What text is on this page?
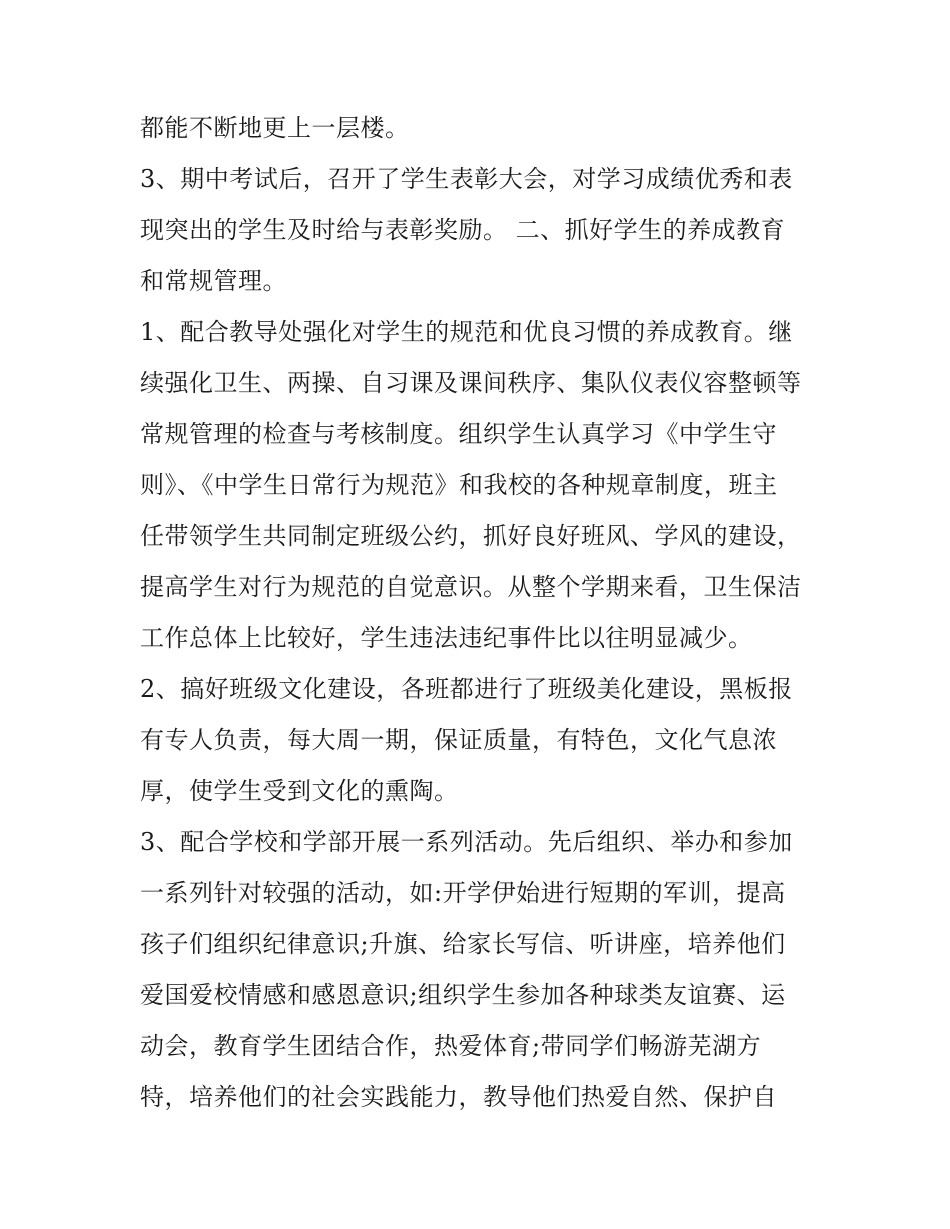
都能不断地更上一层楼。
3、期中考试后，召开了学生表彰大会，对学习成绩优秀和表
现突出的学生及时给与表彰奖励。 二、抓好学生的养成教育
和常规管理。
1、配合教导处强化对学生的规范和优良习惯的养成教育。继
续强化卫生、两操、自习课及课间秩序、集队仪表仪容整顿等
常规管理的检查与考核制度。组织学生认真学习《中学生守
则》、《中学生日常行为规范》和我校的各种规章制度，班主
任带领学生共同制定班级公约，抓好良好班风、学风的建设，
提高学生对行为规范的自觉意识。从整个学期来看，卫生保洁
工作总体上比较好，学生违法违纪事件比以往明显减少。
2、搞好班级文化建设，各班都进行了班级美化建设，黑板报
有专人负责，每大周一期，保证质量，有特色，文化气息浓
厚，使学生受到文化的熏陶。
3、配合学校和学部开展一系列活动。先后组织、举办和参加
一系列针对较强的活动，如:开学伊始进行短期的军训，提高
孩子们组织纪律意识;升旗、给家长写信、听讲座，培养他们
爱国爱校情感和感恩意识;组织学生参加各种球类友谊赛、运
动会，教育学生团结合作，热爱体育;带同学们畅游芜湖方
特，培养他们的社会实践能力，教导他们热爱自然、保护自
